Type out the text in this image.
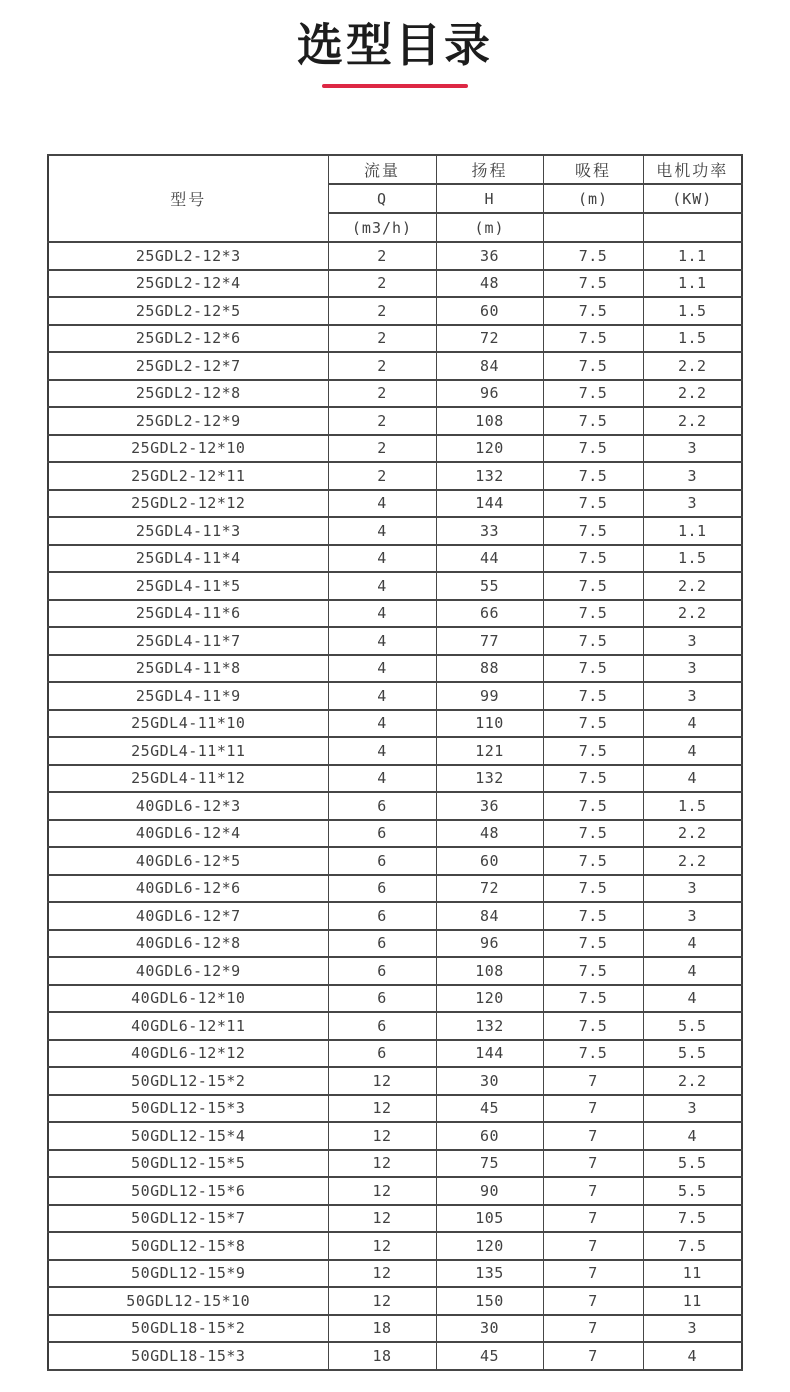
选型目录
型号	流量	扬程	吸程	电机功率
	Q	H	(m)	(KW)
	(m3/h)	(m)		
25GDL2-12*3	2	36	7.5	1.1
25GDL2-12*4	2	48	7.5	1.1
25GDL2-12*5	2	60	7.5	1.5
25GDL2-12*6	2	72	7.5	1.5
25GDL2-12*7	2	84	7.5	2.2
25GDL2-12*8	2	96	7.5	2.2
25GDL2-12*9	2	108	7.5	2.2
25GDL2-12*10	2	120	7.5	3
25GDL2-12*11	2	132	7.5	3
25GDL2-12*12	4	144	7.5	3
25GDL4-11*3	4	33	7.5	1.1
25GDL4-11*4	4	44	7.5	1.5
25GDL4-11*5	4	55	7.5	2.2
25GDL4-11*6	4	66	7.5	2.2
25GDL4-11*7	4	77	7.5	3
25GDL4-11*8	4	88	7.5	3
25GDL4-11*9	4	99	7.5	3
25GDL4-11*10	4	110	7.5	4
25GDL4-11*11	4	121	7.5	4
25GDL4-11*12	4	132	7.5	4
40GDL6-12*3	6	36	7.5	1.5
40GDL6-12*4	6	48	7.5	2.2
40GDL6-12*5	6	60	7.5	2.2
40GDL6-12*6	6	72	7.5	3
40GDL6-12*7	6	84	7.5	3
40GDL6-12*8	6	96	7.5	4
40GDL6-12*9	6	108	7.5	4
40GDL6-12*10	6	120	7.5	4
40GDL6-12*11	6	132	7.5	5.5
40GDL6-12*12	6	144	7.5	5.5
50GDL12-15*2	12	30	7	2.2
50GDL12-15*3	12	45	7	3
50GDL12-15*4	12	60	7	4
50GDL12-15*5	12	75	7	5.5
50GDL12-15*6	12	90	7	5.5
50GDL12-15*7	12	105	7	7.5
50GDL12-15*8	12	120	7	7.5
50GDL12-15*9	12	135	7	11
50GDL12-15*10	12	150	7	11
50GDL18-15*2	18	30	7	3
50GDL18-15*3	18	45	7	4
